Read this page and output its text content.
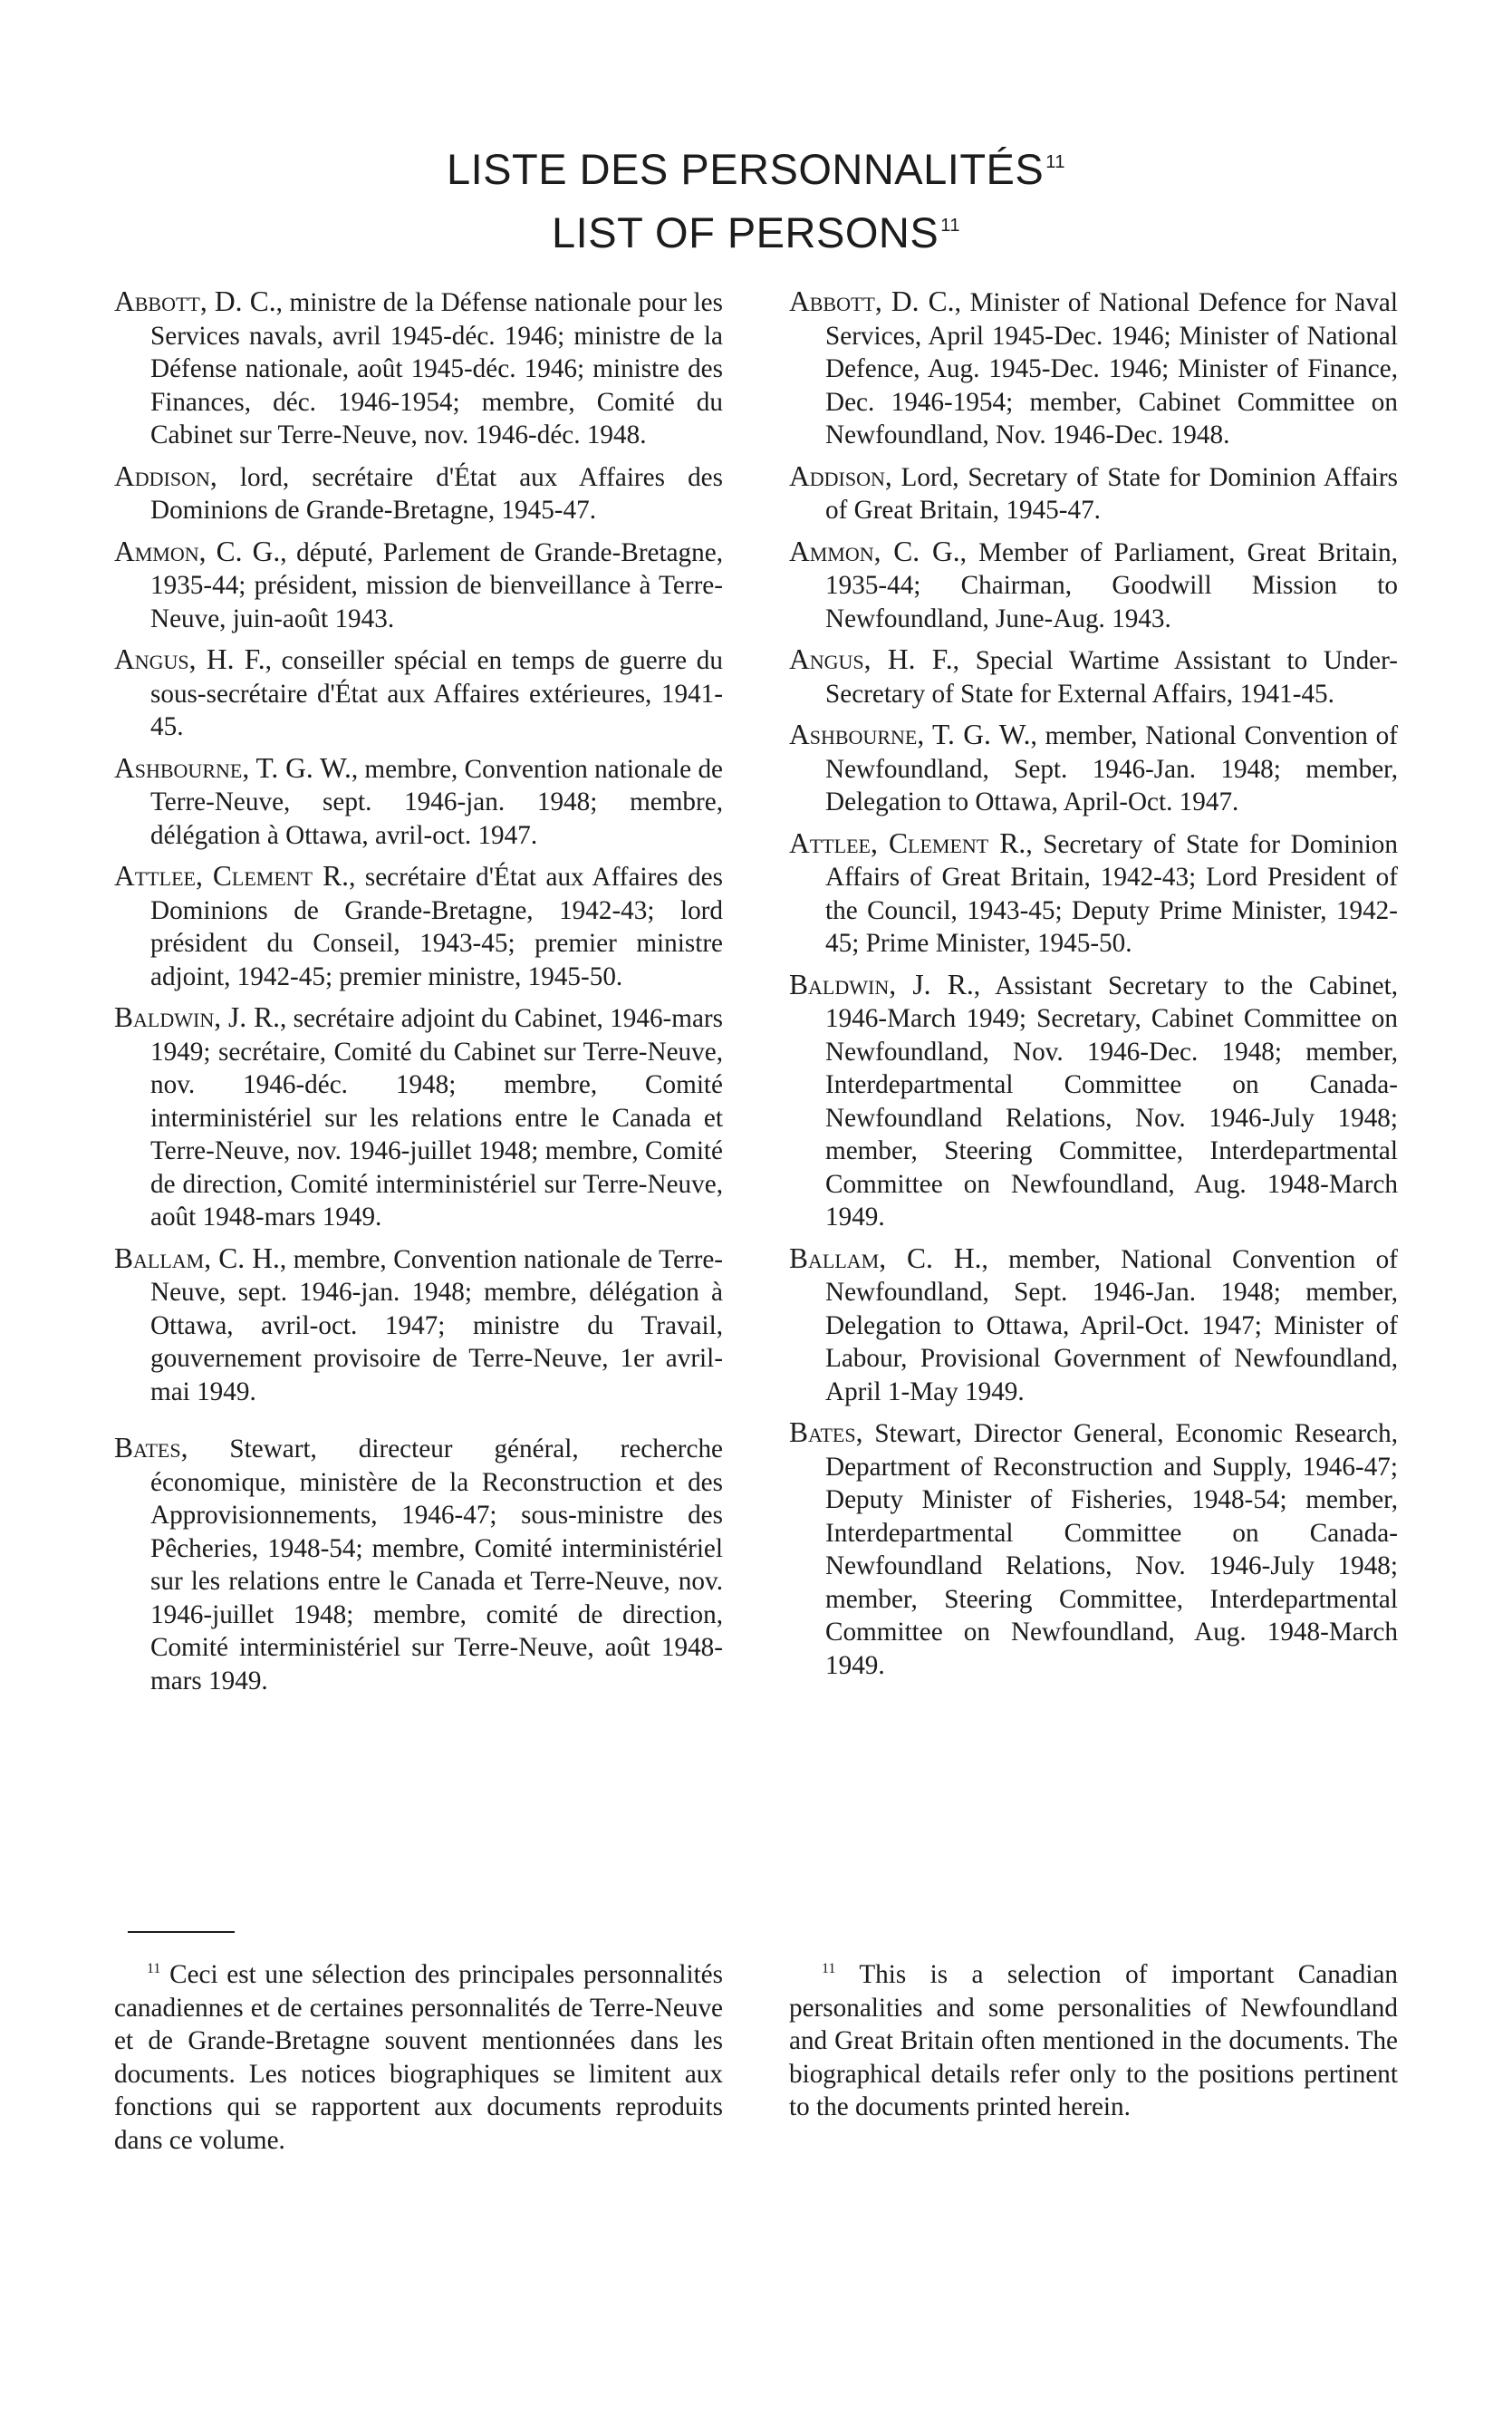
LISTE DES PERSONNALITÉS $^{11}$
LIST OF PERSONS $^{11}$

Abbott, D. C., ministre de la Défense nationale pour les Services navals, avril 1945-déc. 1946; ministre de la Défense nationale, août 1945-déc. 1946; ministre des Finances, déc. 1946-1954; membre, Comité du Cabinet sur Terre-Neuve, nov. 1946-déc. 1948.

Addison, lord, secrétaire d'État aux Affaires des Dominions de Grande-Bretagne, 1945-47.

Ammon, C. G., député, Parlement de Grande-Bretagne, 1935-44; président, mission de bienveillance à Terre-Neuve, juin-août 1943.

Angus, H. F., conseiller spécial en temps de guerre du sous-secrétaire d'État aux Affaires extérieures, 1941-45.

Ashbourne, T. G. W., membre, Convention nationale de Terre-Neuve, sept. 1946-jan. 1948; membre, délégation à Ottawa, avril-oct. 1947.

Attlee, Clement R., secrétaire d'État aux Affaires des Dominions de Grande-Bretagne, 1942-43; lord président du Conseil, 1943-45; premier ministre adjoint, 1942-45; premier ministre, 1945-50.

Baldwin, J. R., secrétaire adjoint du Cabinet, 1946-mars 1949; secrétaire, Comité du Cabinet sur Terre-Neuve, nov. 1946-déc. 1948; membre, Comité interministériel sur les relations entre le Canada et Terre-Neuve, nov. 1946-juillet 1948; membre, Comité de direction, Comité interministériel sur Terre-Neuve, août 1948-mars 1949.

Ballam, C. H., membre, Convention nationale de Terre-Neuve, sept. 1946-jan. 1948; membre, délégation à Ottawa, avril-oct. 1947; ministre du Travail, gouvernement provisoire de Terre-Neuve, 1er avril-mai 1949.

Bates, Stewart, directeur général, recherche économique, ministère de la Reconstruction et des Approvisionnements, 1946-47; sous-ministre des Pêcheries, 1948-54; membre, Comité interministériel sur les relations entre le Canada et Terre-Neuve, nov. 1946-juillet 1948; membre, comité de direction, Comité interministériel sur Terre-Neuve, août 1948-mars 1949.

Abbott, D. C., Minister of National Defence for Naval Services, April 1945-Dec. 1946; Minister of National Defence, Aug. 1945-Dec. 1946; Minister of Finance, Dec. 1946-1954; member, Cabinet Committee on Newfoundland, Nov. 1946-Dec. 1948.

Addison, Lord, Secretary of State for Dominion Affairs of Great Britain, 1945-47.

Ammon, C. G., Member of Parliament, Great Britain, 1935-44; Chairman, Goodwill Mission to Newfoundland, June-Aug. 1943.

Angus, H. F., Special Wartime Assistant to Under-Secretary of State for External Affairs, 1941-45.

Ashbourne, T. G. W., member, National Convention of Newfoundland, Sept. 1946-Jan. 1948; member, Delegation to Ottawa, April-Oct. 1947.

Attlee, Clement R., Secretary of State for Dominion Affairs of Great Britain, 1942-43; Lord President of the Council, 1943-45; Deputy Prime Minister, 1942-45; Prime Minister, 1945-50.

Baldwin, J. R., Assistant Secretary to the Cabinet, 1946-March 1949; Secretary, Cabinet Committee on Newfoundland, Nov. 1946-Dec. 1948; member, Interdepartmental Committee on Canada-Newfoundland Relations, Nov. 1946-July 1948; member, Steering Committee, Interdepartmental Committee on Newfoundland, Aug. 1948-March 1949.

Ballam, C. H., member, National Convention of Newfoundland, Sept. 1946-Jan. 1948; member, Delegation to Ottawa, April-Oct. 1947; Minister of Labour, Provisional Government of Newfoundland, April 1-May 1949.

Bates, Stewart, Director General, Economic Research, Department of Reconstruction and Supply, 1946-47; Deputy Minister of Fisheries, 1948-54; member, Interdepartmental Committee on Canada-Newfoundland Relations, Nov. 1946-July 1948; member, Steering Committee, Interdepartmental Committee on Newfoundland, Aug. 1948-March 1949.

$^{11}$ Ceci est une sélection des principales personnalités canadiennes et de certaines personnalités de Terre-Neuve et de Grande-Bretagne souvent mentionnées dans les documents. Les notices biographiques se limitent aux fonctions qui se rapportent aux documents reproduits dans ce volume.

$^{11}$ This is a selection of important Canadian personalities and some personalities of Newfoundland and Great Britain often mentioned in the documents. The biographical details refer only to the positions pertinent to the documents printed herein.
